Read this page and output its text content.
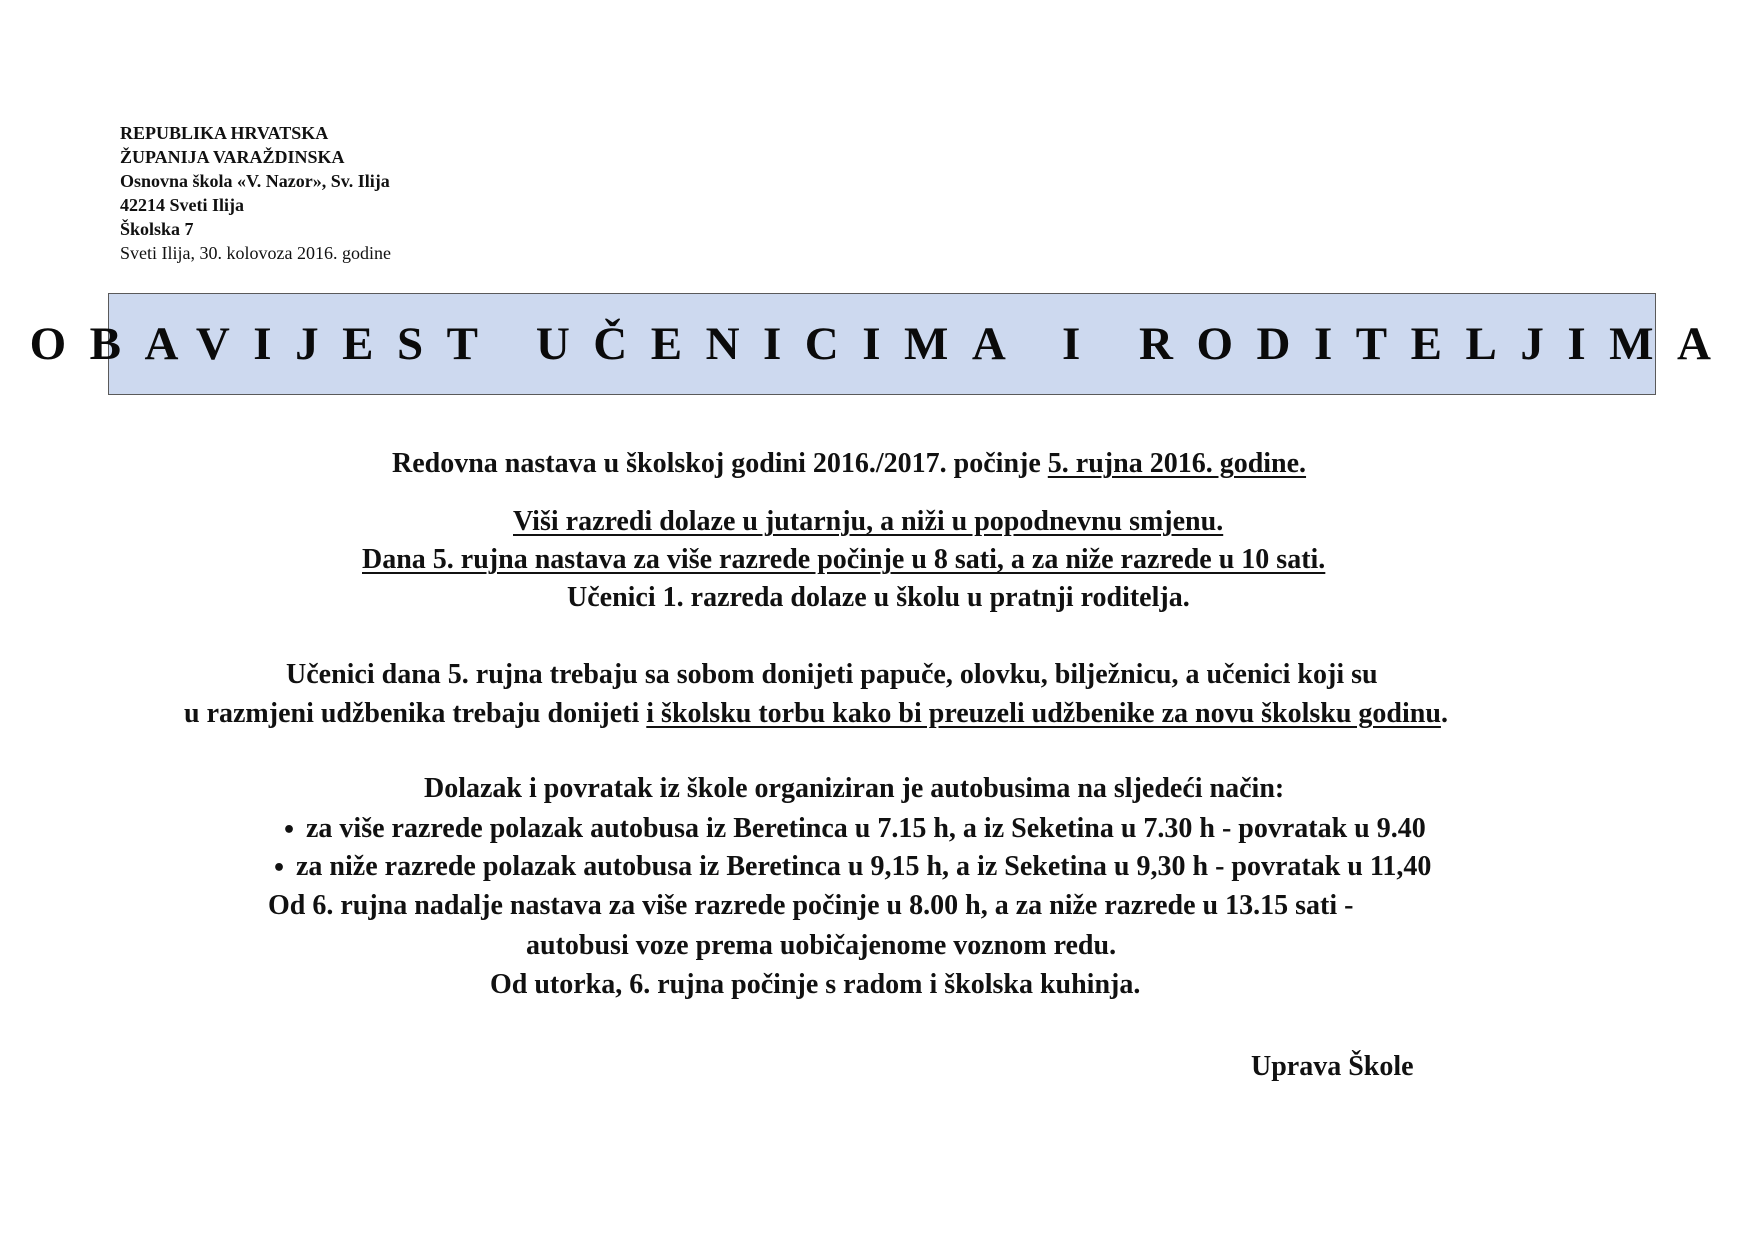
REPUBLIKA HRVATSKA
ŽUPANIJA VARAŽDINSKA
Osnovna škola «V. Nazor», Sv. Ilija
42214 Sveti Ilija
Školska 7
Sveti Ilija, 30. kolovoza 2016. godine
OBAVIJEST UČENICIMA I RODITELJIMA
Redovna nastava u školskoj godini 2016./2017. počinje 5. rujna 2016. godine.
Viši razredi dolaze u jutarnju, a niži u popodnevnu smjenu.
Dana 5. rujna nastava za više razrede počinje u 8 sati, a za niže razrede u 10 sati.
Učenici 1. razreda dolaze u školu u pratnji roditelja.
Učenici dana 5. rujna trebaju sa sobom donijeti papuče, olovku, bilježnicu, a učenici koji su
u razmjeni udžbenika trebaju donijeti i školsku torbu kako bi preuzeli udžbenike za novu školsku godinu.
Dolazak i povratak iz škole organiziran je autobusima na sljedeći način:
• za više razrede polazak autobusa iz Beretinca u 7.15 h, a iz Seketina u 7.30 h - povratak u 9.40
• za niže razrede polazak autobusa iz Beretinca u 9,15 h, a iz Seketina u 9,30 h - povratak u 11,40
Od 6. rujna nadalje nastava za više razrede počinje u 8.00 h, a za niže razrede u 13.15 sati -
autobusi voze prema uobičajenome voznom redu.
Od utorka, 6. rujna počinje s radom i školska kuhinja.
Uprava Škole
